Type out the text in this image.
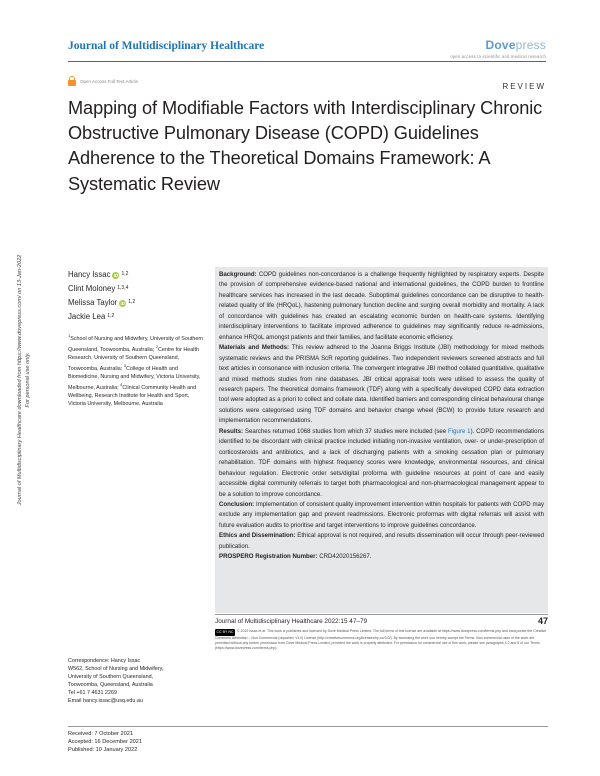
Journal of Multidisciplinary Healthcare	Dovepress
open access to scientific and medical research
Open Access Full Text Article
REVIEW
Mapping of Modifiable Factors with Interdisciplinary Chronic Obstructive Pulmonary Disease (COPD) Guidelines Adherence to the Theoretical Domains Framework: A Systematic Review
Journal of Multidisciplinary Healthcare downloaded from https://www.dovepress.com/ on 13-Jan-2022 For personal use only.
Hancy Issac iD $^{1,2}$
Clint Moloney $^{1,3,4}$
Melissa Taylor iD $^{1,2}$
Jackie Lea $^{1,2}$
$^1$School of Nursing and Midwifery, University of Southern Queensland, Toowoomba, Australia; $^2$Centre for Health Research, University of Southern Queensland, Toowoomba, Australia; $^3$College of Health and Biomedicine, Nursing and Midwifery, Victoria University, Melbourne, Australia; $^4$Clinical Community Health and Wellbeing, Research Institute for Health and Sport, Victoria University, Melbourne, Australia
Correspondence: Hancy Issac
W562, School of Nursing and Midwifery,
University of Southern Queensland,
Toowoomba, Queensland, Australia
Tel +61 7 4631 2269
Email hancy.issac@usq.edu.au

Background: COPD guidelines non-concordance is a challenge frequently highlighted by respiratory experts. Despite the provision of comprehensive evidence-based national and international guidelines, the COPD burden to frontline healthcare services has increased in the last decade. Suboptimal guidelines concordance can be disruptive to health-related quality of life (HRQoL), hastening pulmonary function decline and surging overall morbidity and mortality. A lack of concordance with guidelines has created an escalating economic burden on health-care systems. Identifying interdisciplinary interventions to facilitate improved adherence to guidelines may significantly reduce re-admissions, enhance HRQoL amongst patients and their families, and facilitate economic efficiency.

Materials and Methods: This review adhered to the Joanna Briggs Institute (JBI) methodology for mixed methods systematic reviews and the PRISMA ScR reporting guidelines. Two independent reviewers screened abstracts and full text articles in consonance with inclusion criteria. The convergent integrative JBI method collated quantitative, qualitative and mixed methods studies from nine databases. JBI critical appraisal tools were utilised to assess the quality of research papers. The theoretical domains framework (TDF) along with a specifically developed COPD data extraction tool were adopted as a priori to collect and collate data. Identified barriers and corresponding clinical behavioural change solutions were categorised using TDF domains and behavior change wheel (BCW) to provide future research and implementation recommendations.

Results: Searches returned 1068 studies from which 37 studies were included (see Figure 1). COPD recommendations identified to be discordant with clinical practice included initiating non-invasive ventilation, over- or under-prescription of corticosteroids and antibiotics, and a lack of discharging patients with a smoking cessation plan or pulmonary rehabilitation. TDF domains with highest frequency scores were knowledge, environmental resources, and clinical behaviour regulation. Electronic order sets/digital proforma with guideline resources at point of care and easily accessible digital community referrals to target both pharmacological and non-pharmacological management appear to be a solution to improve concordance.

Conclusion: Implementation of consistent quality improvement intervention within hospitals for patients with COPD may exclude any implementation gap and prevent readmissions. Electronic proformas with digital referrals will assist with future evaluation audits to prioritise and target interventions to improve guidelines concordance.

Ethics and Dissemination: Ethical approval is not required, and results dissemination will occur through peer-reviewed publication.

PROSPERO Registration Number: CRD42020156267.

Journal of Multidisciplinary Healthcare 2022:15 47–79	47
CC BY NC © 2022 Issac et al. This work is published and licensed by Dove Medical Press Limited. The full terms of this license are available at https://www.dovepress.com/terms.php and incorporate the Creative Commons Attribution – Non Commercial (unported, v3.0) License (http://creativecommons.org/licenses/by-nc/3.0/). By accessing the work you hereby accept the Terms. Non-commercial uses of the work are permitted without any further permission from Dove Medical Press Limited, provided the work is properly attributed. For permission for commercial use of this work, please see paragraphs 4.2 and 5 of our Terms (https://www.dovepress.com/terms.php).
Received: 7 October 2021
Accepted: 16 December 2021
Published: 10 January 2022
